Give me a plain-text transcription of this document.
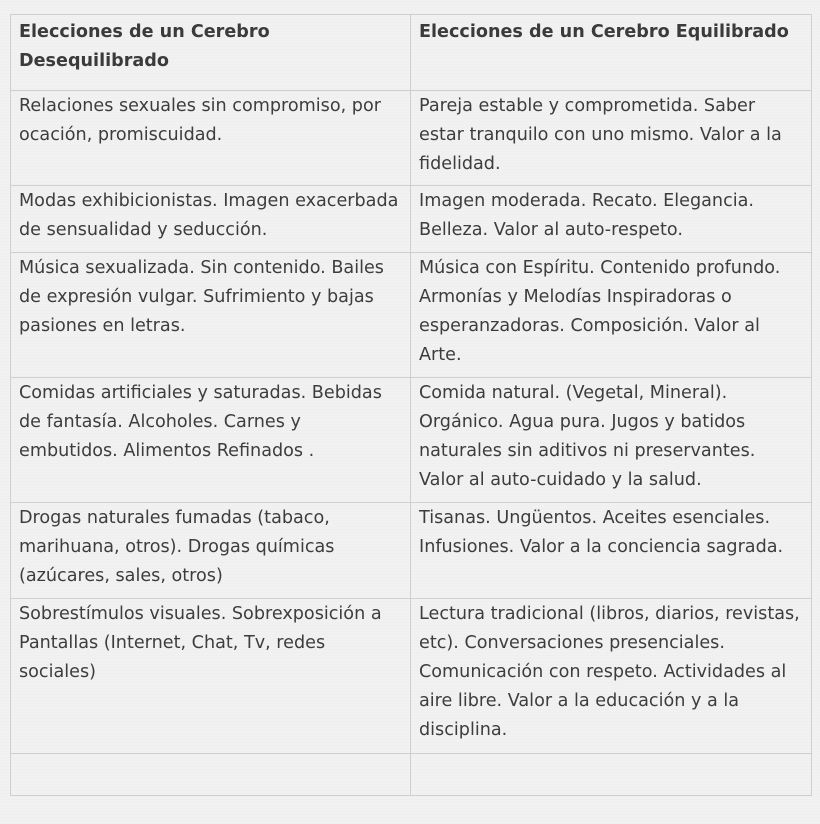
Elecciones de un Cerebro Desequilibrado	Elecciones de un Cerebro Equilibrado
Relaciones sexuales sin compromiso, por ocación, promiscuidad.	Pareja estable y comprometida. Saber estar tranquilo con uno mismo. Valor a la fidelidad.
Modas exhibicionistas. Imagen exacerbada de sensualidad y seducción.	Imagen moderada. Recato. Elegancia. Belleza. Valor al auto-respeto.
Música sexualizada. Sin contenido. Bailes de expresión vulgar. Sufrimiento y bajas pasiones en letras.	Música con Espíritu. Contenido profundo. Armonías y Melodías Inspiradoras o esperanzadoras. Composición. Valor al Arte.
Comidas artificiales y saturadas. Bebidas de fantasía. Alcoholes. Carnes y embutidos. Alimentos Refinados .	Comida natural. (Vegetal, Mineral). Orgánico. Agua pura. Jugos y batidos naturales sin aditivos ni preservantes. Valor al auto-cuidado y la salud.
Drogas naturales fumadas (tabaco, marihuana, otros). Drogas químicas (azúcares, sales, otros)	Tisanas. Ungüentos. Aceites esenciales. Infusiones. Valor a la conciencia sagrada.
Sobrestímulos visuales. Sobrexposición a Pantallas (Internet, Chat, Tv, redes sociales)	Lectura tradicional (libros, diarios, revistas, etc). Conversaciones presenciales. Comunicación con respeto. Actividades al aire libre. Valor a la educación y a la disciplina.
